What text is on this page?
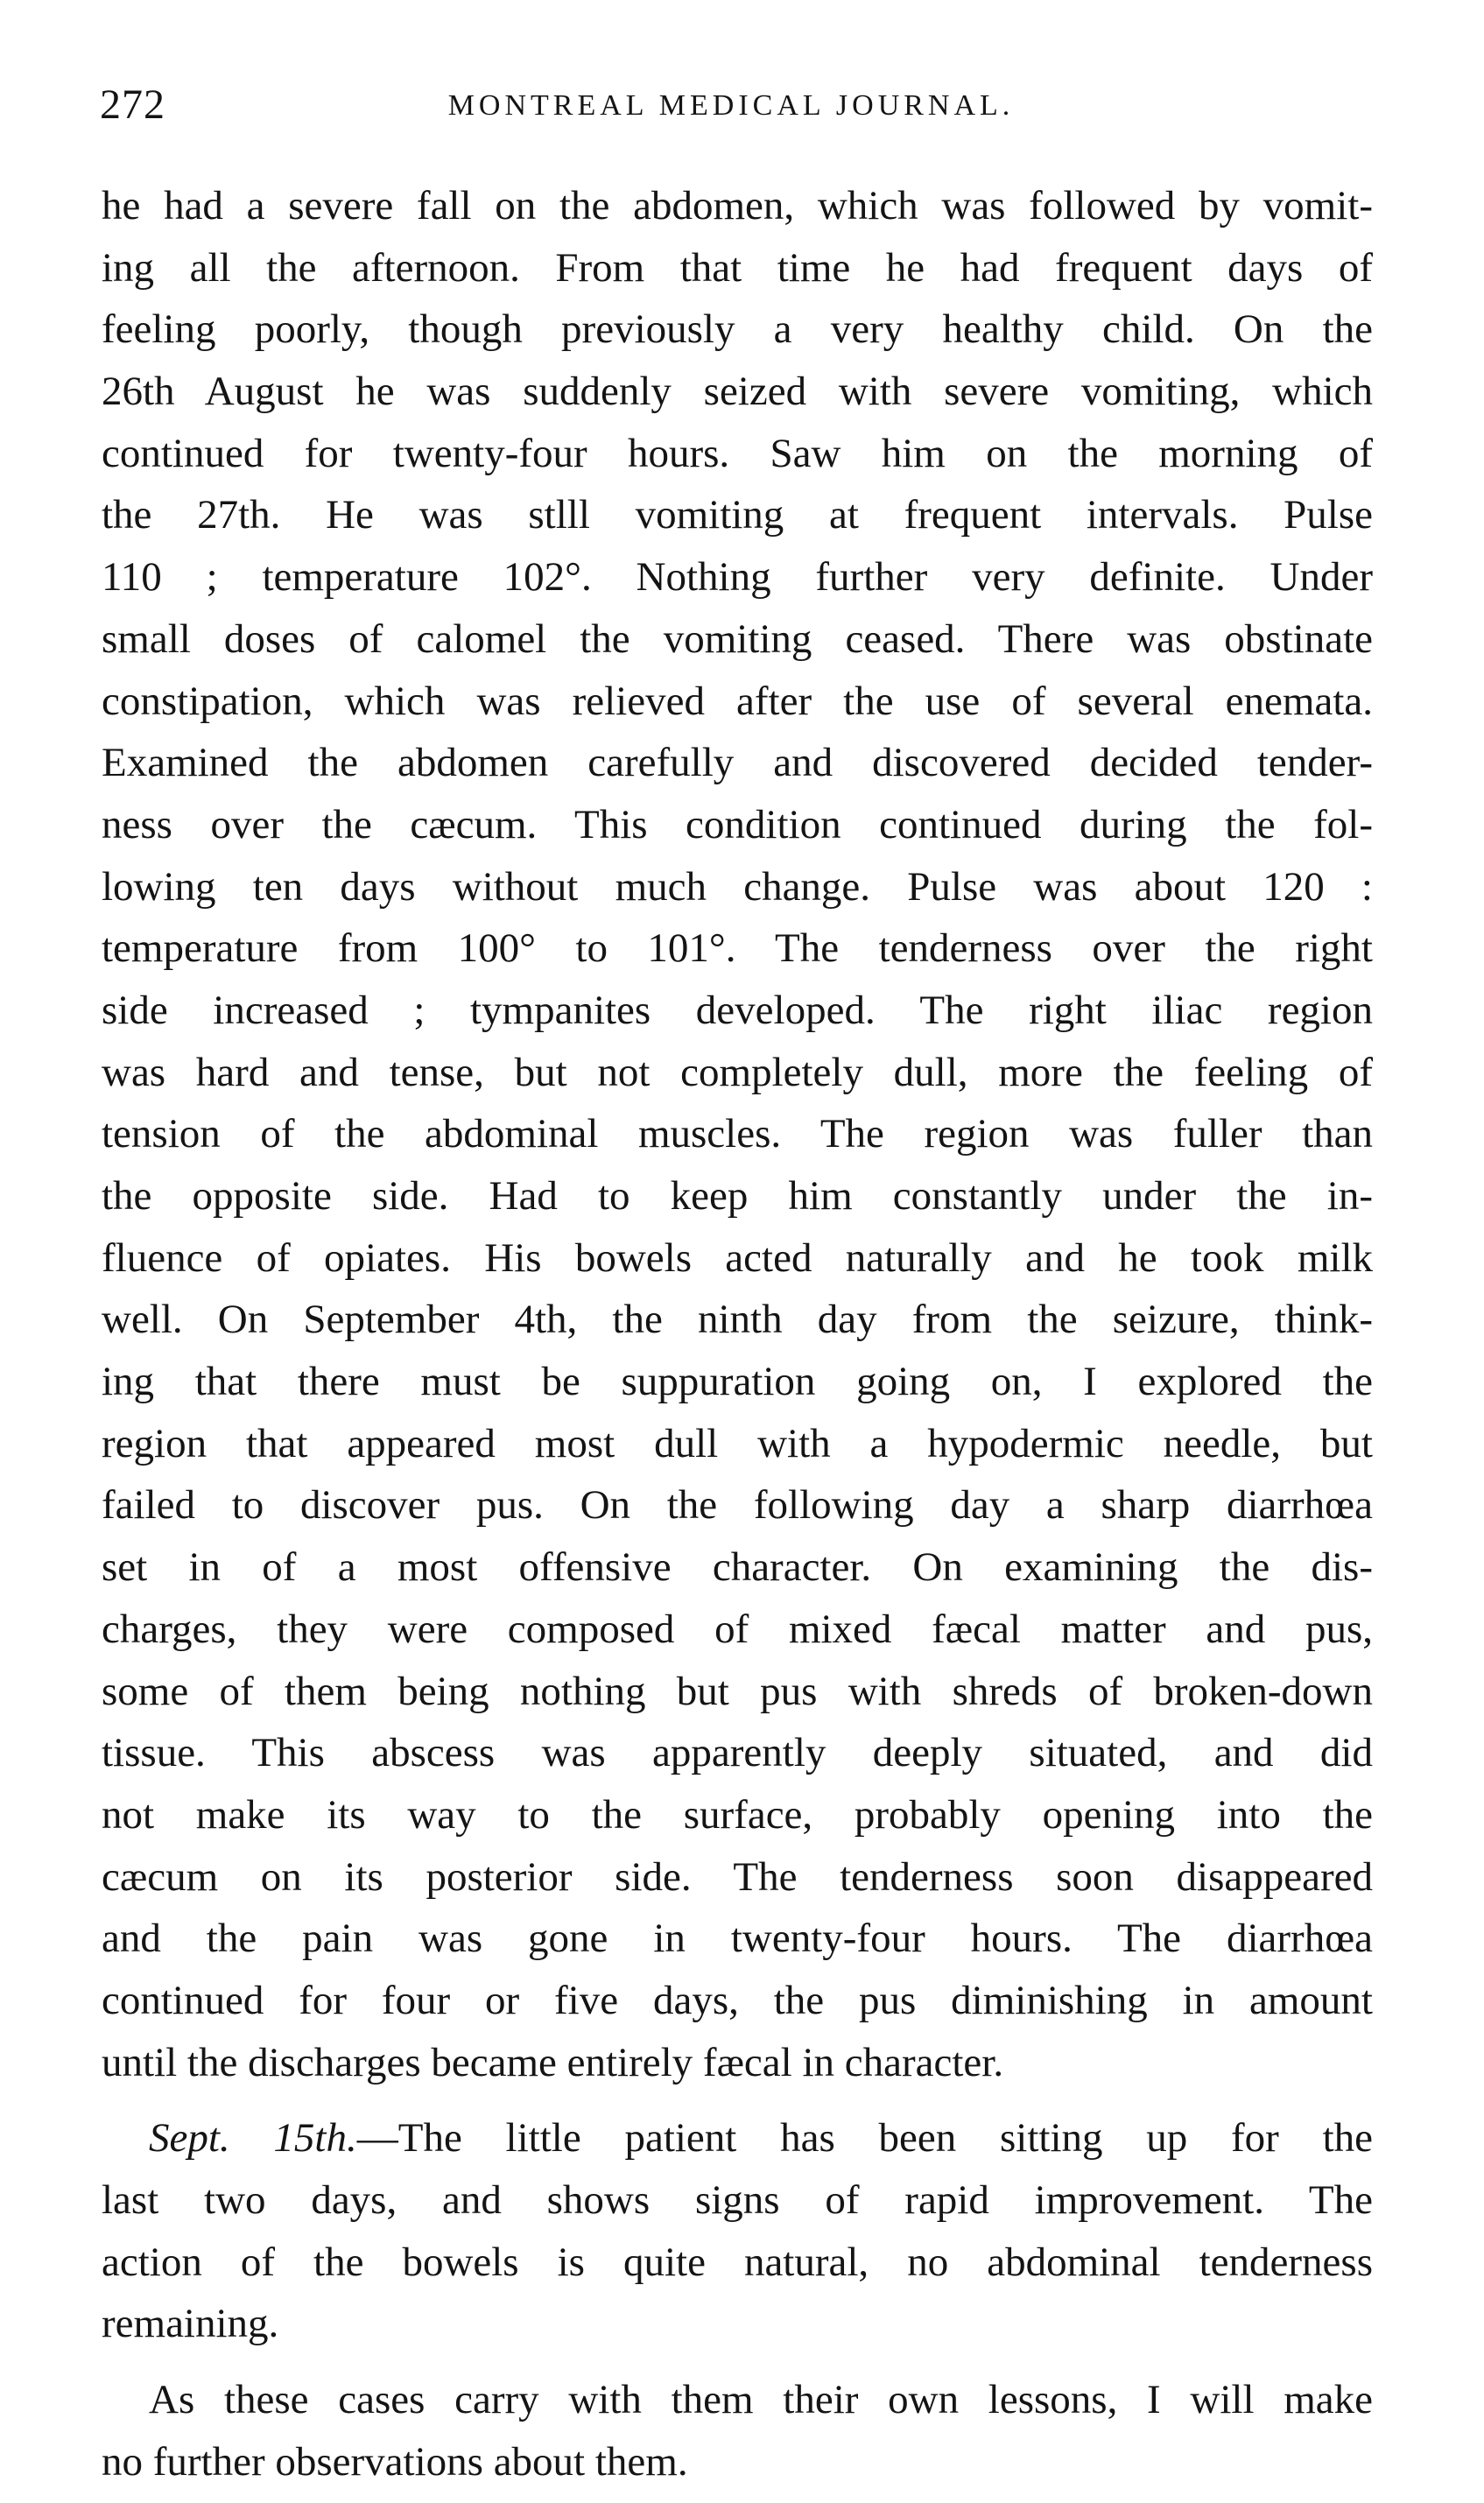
272	MONTREAL MEDICAL JOURNAL.
he had a severe fall on the abdomen, which was followed by vomit-
ing all the afternoon. From that time he had frequent days of
feeling poorly, though previously a very healthy child. On the
26th August he was suddenly seized with severe vomiting, which
continued for twenty-four hours. Saw him on the morning of
the 27th. He was stlll vomiting at frequent intervals. Pulse
110 ; temperature 102°. Nothing further very definite. Under
small doses of calomel the vomiting ceased. There was obstinate
constipation, which was relieved after the use of several enemata.
Examined the abdomen carefully and discovered decided tender-
ness over the cæcum. This condition continued during the fol-
lowing ten days without much change. Pulse was about 120 :
temperature from 100° to 101°. The tenderness over the right
side increased ; tympanites developed. The right iliac region
was hard and tense, but not completely dull, more the feeling of
tension of the abdominal muscles. The region was fuller than
the opposite side. Had to keep him constantly under the in-
fluence of opiates. His bowels acted naturally and he took milk
well. On September 4th, the ninth day from the seizure, think-
ing that there must be suppuration going on, I explored the
region that appeared most dull with a hypodermic needle, but
failed to discover pus. On the following day a sharp diarrhœa
set in of a most offensive character. On examining the dis-
charges, they were composed of mixed fæcal matter and pus,
some of them being nothing but pus with shreds of broken-down
tissue. This abscess was apparently deeply situated, and did
not make its way to the surface, probably opening into the
cæcum on its posterior side. The tenderness soon disappeared
and the pain was gone in twenty-four hours. The diarrhœa
continued for four or five days, the pus diminishing in amount
until the discharges became entirely fæcal in character.
Sept. 15th.—The little patient has been sitting up for the
last two days, and shows signs of rapid improvement. The
action of the bowels is quite natural, no abdominal tenderness
remaining.
As these cases carry with them their own lessons, I will make
no further observations about them.
